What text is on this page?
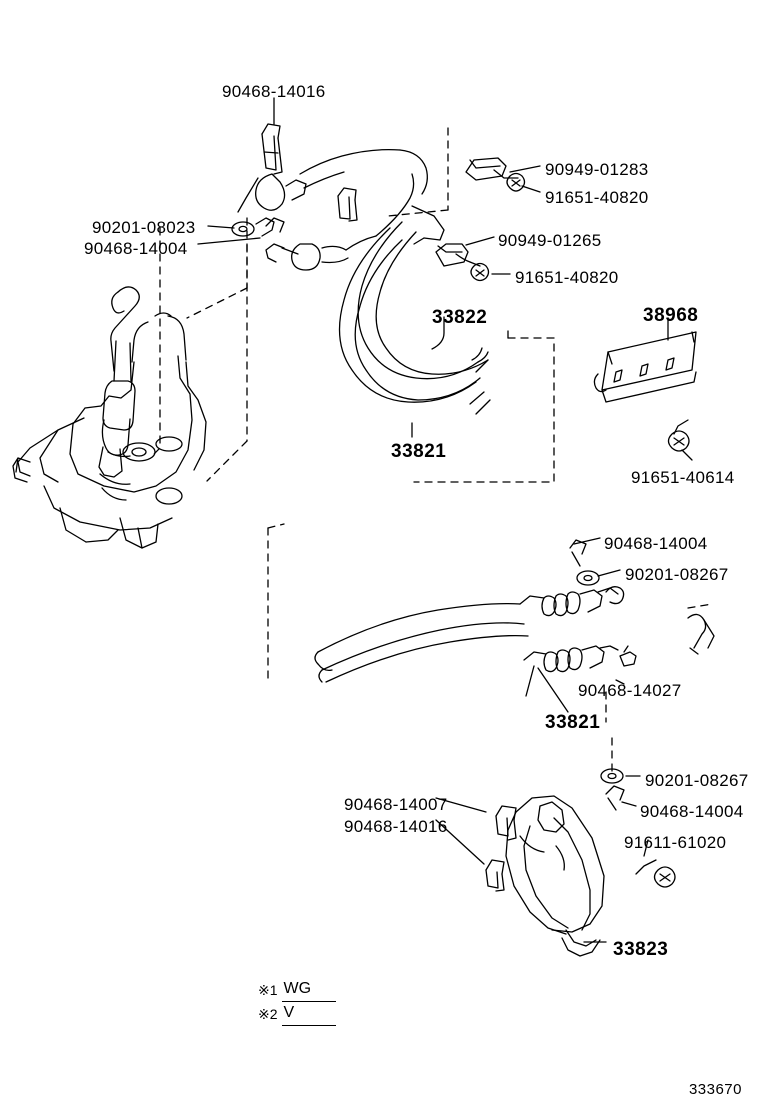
90468-14016
90949-01283
91651-40820
90201-08023
90468-14004	90949-01265
91651-40820
33822	38968
33821
91651-40614
90468-14004
90201-08267
90468-14027
33821
90201-08267
90468-14004
90468-14007
90468-14016
91611-61020
33823
※1 WG
※2 V
333670
